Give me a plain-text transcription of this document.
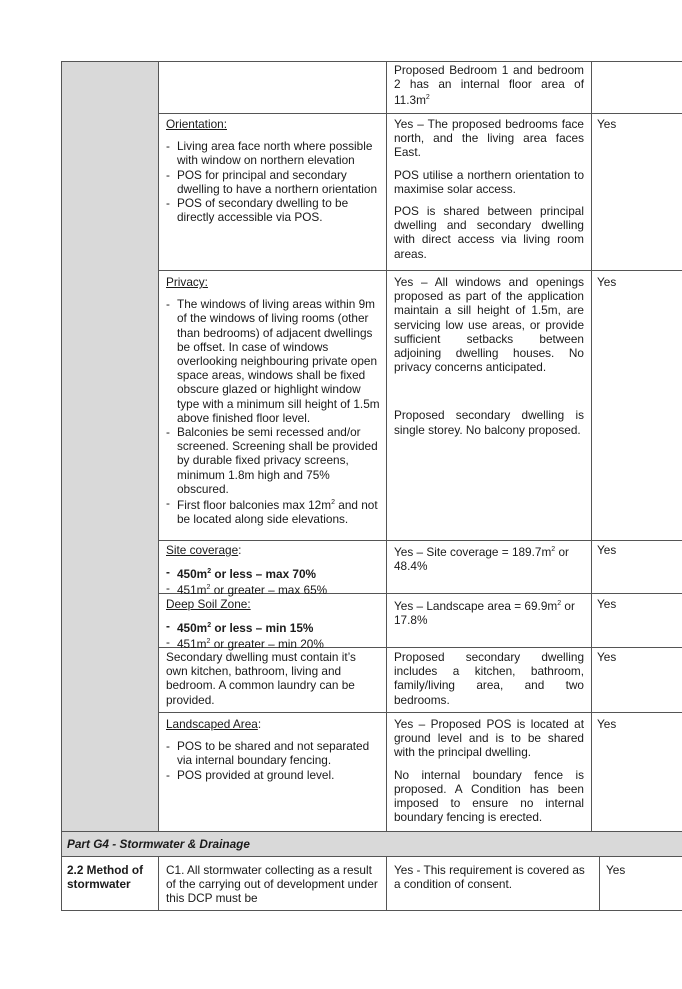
Proposed Bedroom 1 and bedroom 2 has an internal floor area of $11.3m^2$

Orientation:

- Living area face north where possible with window on northern elevation
- POS for principal and secondary dwelling to have a northern orientation
- POS of secondary dwelling to be directly accessible via POS.

Yes – The proposed bedrooms face north, and the living area faces East.

POS utilise a northern orientation to maximise solar access.

POS is shared between principal dwelling and secondary dwelling with direct access via living room areas.

Yes

Privacy:

- The windows of living areas within 9m of the windows of living rooms (other than bedrooms) of adjacent dwellings be offset. In case of windows overlooking neighbouring private open space areas, windows shall be fixed obscure glazed or highlight window type with a minimum sill height of 1.5m above finished floor level.
- Balconies be semi recessed and/or screened. Screening shall be provided by durable fixed privacy screens, minimum 1.8m high and 75% obscured.
- First floor balconies $\max 12m^2$ and not be located along side elevations.

Yes – All windows and openings proposed as part of the application maintain a sill height of 1.5m, are servicing low use areas, or provide sufficient setbacks between adjoining dwelling houses. No privacy concerns anticipated.

Proposed secondary dwelling is single storey. No balcony proposed.

Yes

Site coverage:

- $450m^2$ or less – max 70%
- $451m^2$ or greater – max 65%
Yes – Site coverage = $189.7m^2$ or 48.4%
Yes

Deep Soil Zone:

- $450m^2$ or less – min 15%
- $451m^2$ or greater – min 20%
Yes – Landscape area = $69.9m^2$ or 17.8%
Yes
Secondary dwelling must contain it’s own kitchen, bathroom, living and bedroom. A common laundry can be provided.
Proposed secondary dwelling includes a kitchen, bathroom, family/living area, and two bedrooms.
Yes

Landscaped Area:

- POS to be shared and not separated via internal boundary fencing.
- POS provided at ground level.

Yes – Proposed POS is located at ground level and is to be shared with the principal dwelling.

No internal boundary fence is proposed. A Condition has been imposed to ensure no internal boundary fencing is erected.

Yes
Part G4 - Stormwater & Drainage
2.2 Method of stormwater
C1. All stormwater collecting as a result of the carrying out of development under this DCP must be
Yes - This requirement is covered as a condition of consent.
Yes
